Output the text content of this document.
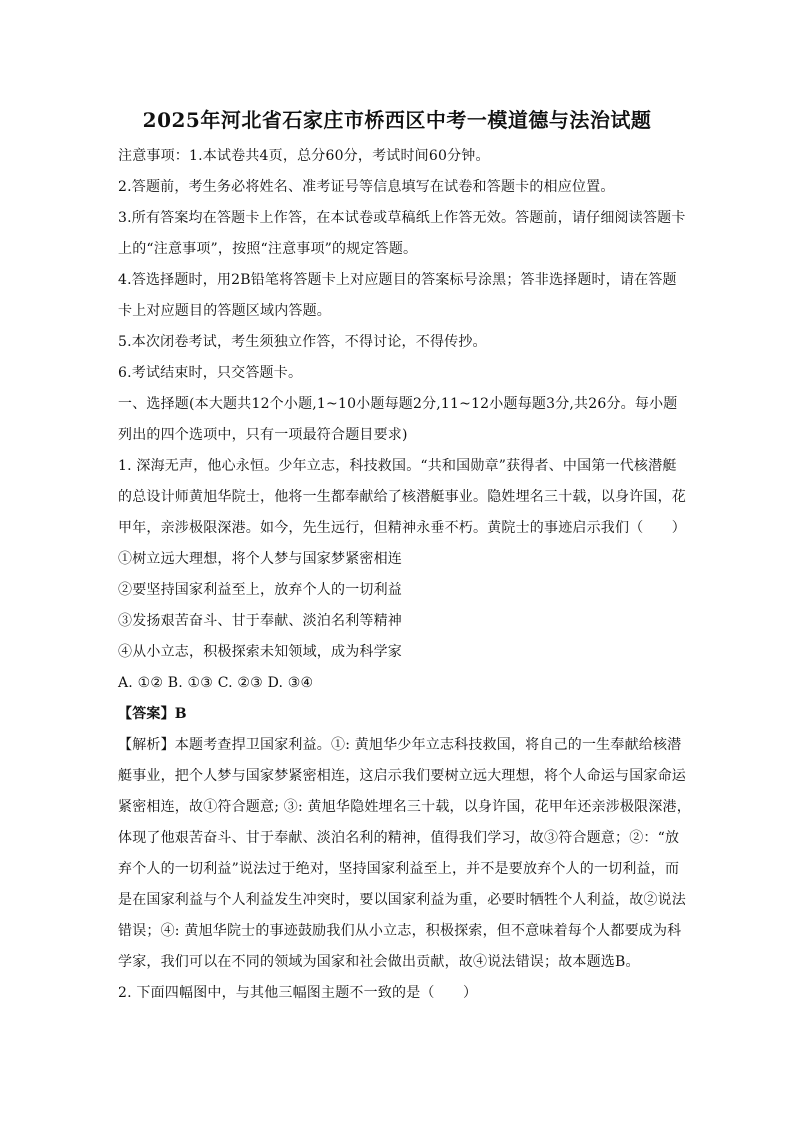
2025年河北省石家庄市桥西区中考一模道德与法治试题
注意事项：1.本试卷共4页，总分60分，考试时间60分钟。
2.答题前，考生务必将姓名、准考证号等信息填写在试卷和答题卡的相应位置。
3.所有答案均在答题卡上作答，在本试卷或草稿纸上作答无效。答题前，请仔细阅读答题卡
上的“注意事项”，按照“注意事项”的规定答题。
4.答选择题时，用2B铅笔将答题卡上对应题目的答案标号涂黑；答非选择题时，请在答题
卡上对应题目的答题区域内答题。
5.本次闭卷考试，考生须独立作答，不得讨论，不得传抄。
6.考试结束时，只交答题卡。
一、选择题(本大题共12个小题,1~10小题每题2分,11~12小题每题3分,共26分。每小题
列出的四个选项中，只有一项最符合题目要求)
1. 深海无声，他心永恒。少年立志，科技救国。“共和国勋章”获得者、中国第一代核潜艇
的总设计师黄旭华院士，他将一生都奉献给了核潜艇事业。隐姓埋名三十载，以身许国，花
甲年，亲涉极限深港。如今，先生远行，但精神永垂不朽。黄院士的事迹启示我们（　　）
①树立远大理想，将个人梦与国家梦紧密相连
②要坚持国家利益至上，放弃个人的一切利益
③发扬艰苦奋斗、甘于奉献、淡泊名利等精神
④从小立志，积极探索未知领域，成为科学家
A. ①② B. ①③ C. ②③ D. ③④
【答案】B
【解析】本题考查捍卫国家利益。①: 黄旭华少年立志科技救国，将自己的一生奉献给核潜
艇事业，把个人梦与国家梦紧密相连，这启示我们要树立远大理想，将个人命运与国家命运
紧密相连，故①符合题意; ③: 黄旭华隐姓埋名三十载，以身许国，花甲年还亲涉极限深港，
体现了他艰苦奋斗、甘于奉献、淡泊名利的精神，值得我们学习，故③符合题意；②：“放
弃个人的一切利益”说法过于绝对，坚持国家利益至上，并不是要放弃个人的一切利益，而
是在国家利益与个人利益发生冲突时，要以国家利益为重，必要时牺牲个人利益，故②说法
错误；④: 黄旭华院士的事迹鼓励我们从小立志，积极探索，但不意味着每个人都要成为科
学家，我们可以在不同的领域为国家和社会做出贡献，故④说法错误；故本题选B。
2. 下面四幅图中，与其他三幅图主题不一致的是（　　）
